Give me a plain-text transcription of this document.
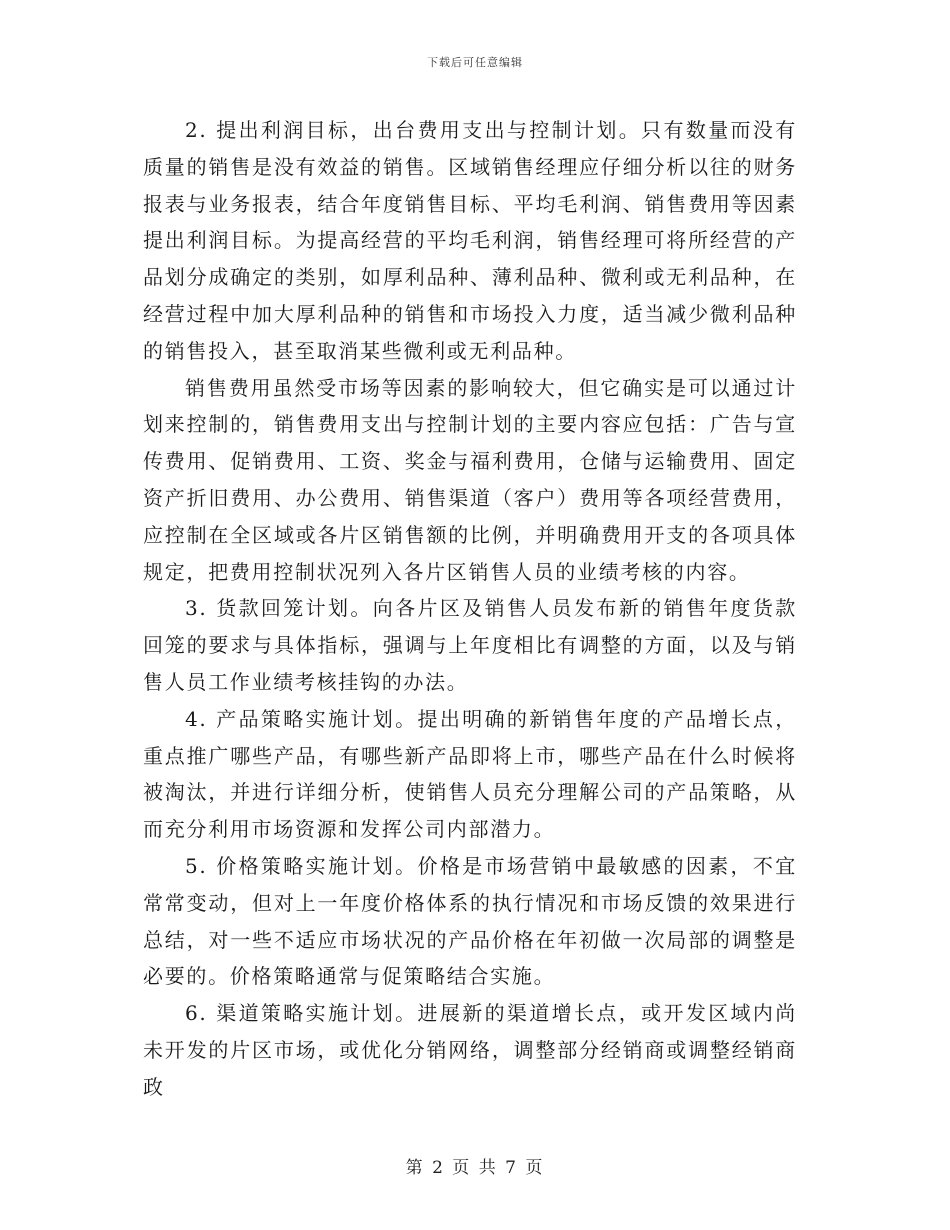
下载后可任意编辑

2. 提出利润目标，出台费用支出与控制计划。只有数量而没有质量的销售是没有效益的销售。区域销售经理应仔细分析以往的财务报表与业务报表，结合年度销售目标、平均毛利润、销售费用等因素提出利润目标。为提高经营的平均毛利润，销售经理可将所经营的产品划分成确定的类别，如厚利品种、薄利品种、微利或无利品种，在经营过程中加大厚利品种的销售和市场投入力度，适当减少微利品种的销售投入，甚至取消某些微利或无利品种。

销售费用虽然受市场等因素的影响较大，但它确实是可以通过计划来控制的，销售费用支出与控制计划的主要内容应包括：广告与宣传费用、促销费用、工资、奖金与福利费用，仓储与运输费用、固定资产折旧费用、办公费用、销售渠道（客户）费用等各项经营费用，应控制在全区域或各片区销售额的比例，并明确费用开支的各项具体规定，把费用控制状况列入各片区销售人员的业绩考核的内容。

3. 货款回笼计划。向各片区及销售人员发布新的销售年度货款回笼的要求与具体指标，强调与上年度相比有调整的方面，以及与销售人员工作业绩考核挂钩的办法。

4. 产品策略实施计划。提出明确的新销售年度的产品增长点，重点推广哪些产品，有哪些新产品即将上市，哪些产品在什么时候将被淘汰，并进行详细分析，使销售人员充分理解公司的产品策略，从而充分利用市场资源和发挥公司内部潜力。

5. 价格策略实施计划。价格是市场营销中最敏感的因素，不宜常常变动，但对上一年度价格体系的执行情况和市场反馈的效果进行总结，对一些不适应市场状况的产品价格在年初做一次局部的调整是必要的。价格策略通常与促策略结合实施。

6. 渠道策略实施计划。进展新的渠道增长点，或开发区域内尚未开发的片区市场，或优化分销网络，调整部分经销商或调整经销商政

第 2 页 共 7 页
